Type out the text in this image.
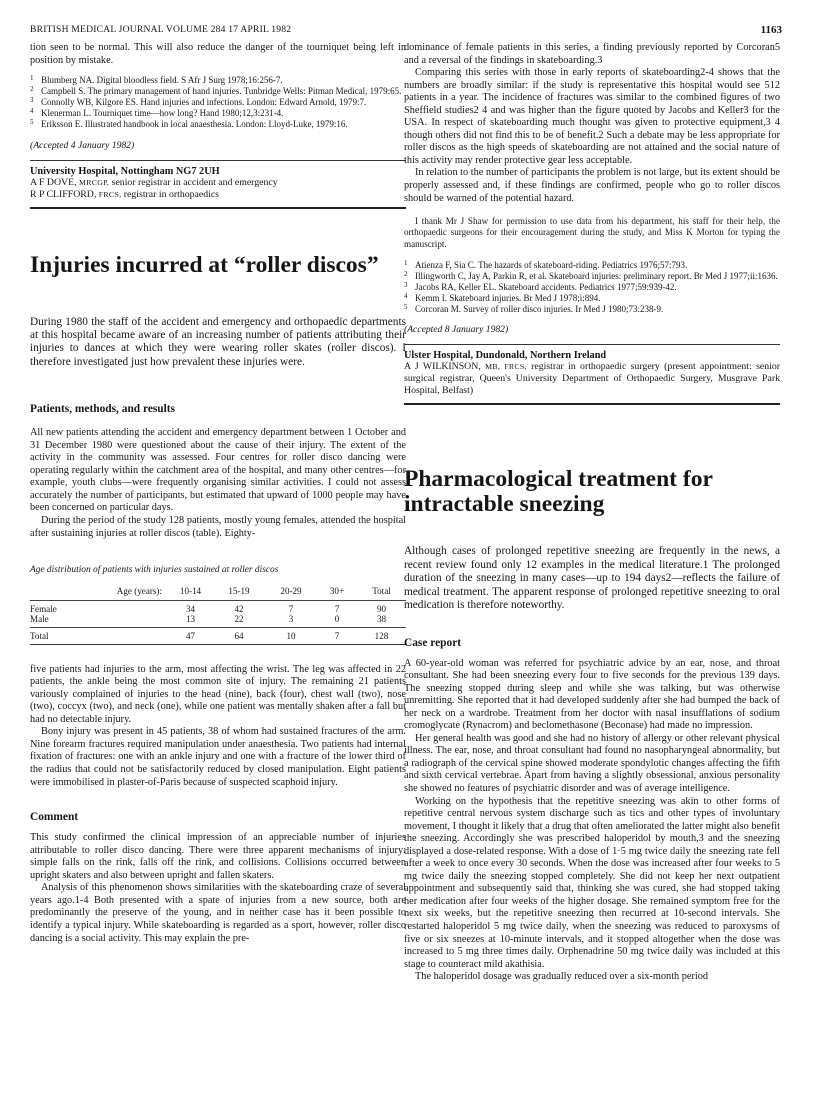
BRITISH MEDICAL JOURNAL VOLUME 284 17 APRIL 1982	1163

tion seen to be normal. This will also reduce the danger of the tourniquet being left in position by mistake.

1 Blumberg NA. Digital bloodless field. S Afr J Surg 1978;16:256-7.
2 Campbell S. The primary management of hand injuries. Tunbridge Wells: Pitman Medical, 1979:65.
3 Connolly WB, Kilgore ES. Hand injuries and infections. London: Edward Arnold, 1979:7.
4 Klenerman L. Tourniquet time—how long? Hand 1980;12,3:231-4.
5 Eriksson E. Illustrated handbook in local anaesthesia. London: Lloyd-Luke, 1979:16.
(Accepted 4 January 1982)
University Hospital, Nottingham NG7 2UH
A F DOVE, MRCGP, senior registrar in accident and emergency
R P CLIFFORD, FRCS, registrar in orthopaedics
Injuries incurred at “roller discos”

During 1980 the staff of the accident and emergency and orthopaedic departments at this hospital became aware of an increasing number of patients attributing their injuries to dances at which they were wearing roller skates (roller discos). I therefore investigated just how prevalent these injuries were.

Patients, methods, and results

All new patients attending the accident and emergency department between 1 October and 31 December 1980 were questioned about the cause of their injury. The extent of the activity in the community was assessed. Four centres for roller disco dancing were operating regularly within the catchment area of the hospital, and many other centres—for example, youth clubs—were frequently organising similar activities. I could not assess accurately the number of participants, but estimated that upward of 1000 people may have been concerned on particular days.

During the period of the study 128 patients, mostly young females, attended the hospital after sustaining injuries at roller discos (table). Eighty-

Age distribution of patients with injuries sustained at roller discos

	Age (years):	10-14	15-19	20-29	30+	Total
Female		34	42	7	7	90
Male		13	22	3	0	38
Total		47	64	10	7	128

five patients had injuries to the arm, most affecting the wrist. The leg was affected in 22 patients, the ankle being the most common site of injury. The remaining 21 patients variously complained of injuries to the head (nine), back (four), chest wall (two), nose (two), coccyx (two), and neck (one), while one patient was mentally shaken after a fall but had no detectable injury.

Bony injury was present in 45 patients, 38 of whom had sustained fractures of the arm. Nine forearm fractures required manipulation under anaesthesia. Two patients had internal fixation of fractures: one with an ankle injury and one with a fracture of the lower third of the radius that could not be satisfactorily reduced by closed manipulation. Eight patients were immobilised in plaster-of-Paris because of suspected scaphoid injury.

Comment

This study confirmed the clinical impression of an appreciable number of injuries attributable to roller disco dancing. There were three apparent mechanisms of injury: simple falls on the rink, falls off the rink, and collisions. Collisions occurred between upright skaters and also between upright and fallen skaters.

Analysis of this phenomenon shows similarities with the skateboarding craze of several years ago.1-4 Both presented with a spate of injuries from a new source, both are predominantly the preserve of the young, and in neither case has it been possible to identify a typical injury. While skateboarding is regarded as a sport, however, roller disco dancing is a social activity. This may explain the pre-

dominance of female patients in this series, a finding previously reported by Corcoran5 and a reversal of the findings in skateboarding.3

Comparing this series with those in early reports of skateboarding2-4 shows that the numbers are broadly similar: if the study is representative this hospital would see 512 patients in a year. The incidence of fractures was similar to the combined figures of two Sheffield studies2 4 and was higher than the figure quoted by Jacobs and Keller3 for the USA. In respect of skateboarding much thought was given to protective equipment,3 4 though others did not find this to be of benefit.2 Such a debate may be less appropriate for roller discos as the high speeds of skateboarding are not attained and the social nature of this activity may render protective gear less acceptable.

In relation to the number of participants the problem is not large, but its extent should be properly assessed and, if these findings are confirmed, people who go to roller discos should be warned of the potential hazard.

I thank Mr J Shaw for permission to use data from his department, his staff for their help, the orthopaedic surgeons for their encouragement during the study, and Miss K Morton for typing the manuscript.

1 Atienza F, Sia C. The hazards of skateboard-riding. Pediatrics 1976;57:793.
2 Illingworth C, Jay A, Parkin R, et al. Skateboard injuries: preliminary report. Br Med J 1977;ii:1636.
3 Jacobs RA, Keller EL. Skateboard accidents. Pediatrics 1977;59:939-42.
4 Kemm I. Skateboard injuries. Br Med J 1978;i:894.
5 Corcoran M. Survey of roller disco injuries. Ir Med J 1980;73:238-9.
(Accepted 8 January 1982)
Ulster Hospital, Dundonald, Northern Ireland
A J WILKINSON, MB, FRCS, registrar in orthopaedic surgery (present appointment: senior surgical registrar, Queen's University Department of Orthopaedic Surgery, Musgrave Park Hospital, Belfast)
Pharmacological treatment for intractable sneezing

Although cases of prolonged repetitive sneezing are frequently in the news, a recent review found only 12 examples in the medical literature.1 The prolonged duration of the sneezing in many cases—up to 194 days2—reflects the failure of medical treatment. The apparent response of prolonged repetitive sneezing to oral medication is therefore noteworthy.

Case report

A 60-year-old woman was referred for psychiatric advice by an ear, nose, and throat consultant. She had been sneezing every four to five seconds for the previous 139 days. The sneezing stopped during sleep and while she was talking, but was otherwise unremitting. She reported that it had developed suddenly after she had bumped the back of her neck on a wardrobe. Treatment from her doctor with nasal insufflations of sodium cromoglycate (Rynacrom) and beclomethasone (Beconase) had made no impression.

Her general health was good and she had no history of allergy or other relevant physical illness. The ear, nose, and throat consultant had found no nasopharyngeal abnormality, but a radiograph of the cervical spine showed moderate spondylotic changes affecting the fifth and sixth cervical vertebrae. Apart from having a slightly obsessional, anxious personality she showed no features of psychiatric disorder and was of average intelligence.

Working on the hypothesis that the repetitive sneezing was akin to other forms of repetitive central nervous system discharge such as tics and other types of involuntary movement, I thought it likely that a drug that often ameliorated the latter might also benefit the sneezing. Accordingly she was prescribed haloperidol by mouth,3 and the sneezing displayed a dose-related response. With a dose of 1·5 mg twice daily the sneezing rate fell after a week to once every 30 seconds. When the dose was increased after four weeks to 5 mg twice daily the sneezing stopped completely. She did not keep her next outpatient appointment and subsequently said that, thinking she was cured, she had stopped taking her medication after four weeks of the higher dosage. She remained symptom free for the next six weeks, but the repetitive sneezing then recurred at 10-second intervals. She restarted haloperidol 5 mg twice daily, when the sneezing was reduced to paroxysms of five or six sneezes at 10-minute intervals, and it stopped altogether when the dose was increased to 5 mg three times daily. Orphenadrine 50 mg twice daily was included at this stage to counteract mild akathisia.

The haloperidol dosage was gradually reduced over a six-month period
